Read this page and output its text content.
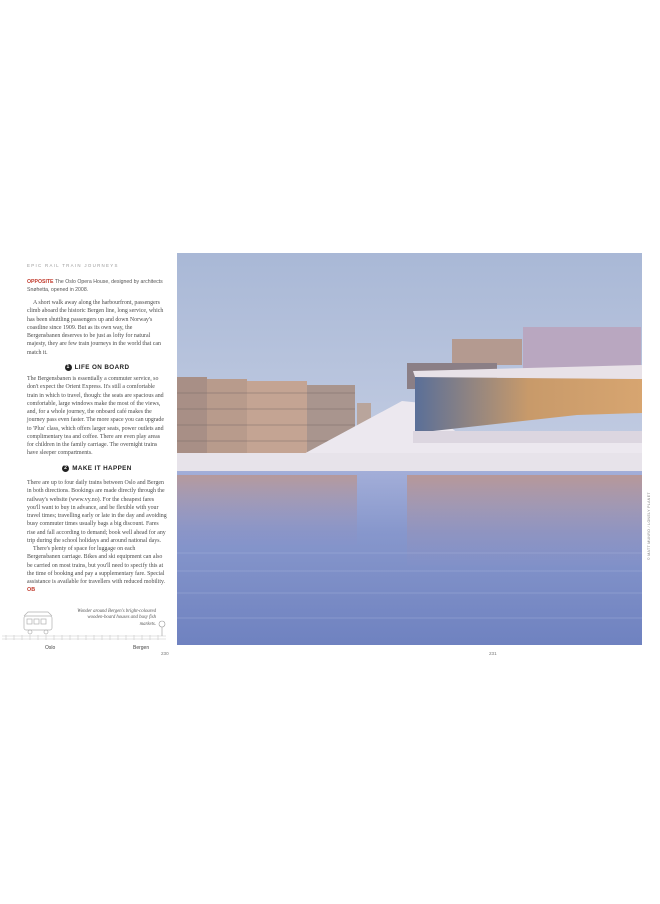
EPIC RAIL TRAIN JOURNEYS
OPPOSITE The Oslo Opera House, designed by architects Snøhetta, opened in 2008.

A short walk away along the harbourfront, passengers climb aboard the historic Bergen line, long service, which has been shuttling passengers up and down Norway's coastline since 1909. But as its own way, the Bergensbanen deserves to be just as lofty for natural majesty, they are few train journeys in the world that can match it.

1 LIFE ON BOARD

The Bergensbanen is essentially a commuter service, so don't expect the Orient Express. It's still a comfortable train in which to travel, though: the seats are spacious and comfortable, large windows make the most of the views, and, for a whole journey, the onboard café makes the journey pass even faster. The more space you can upgrade to 'Plus' class, which offers larger seats, power outlets and complimentary tea and coffee. There are even play areas for children in the family carriage. The overnight trains have sleeper compartments.

2 MAKE IT HAPPEN

There are up to four daily trains between Oslo and Bergen in both directions. Bookings are made directly through the railway's website (www.vy.no). For the cheapest fares you'll want to buy in advance, and be flexible with your travel times; travelling early or late in the day and avoiding busy commuter times usually bags a big discount. Fares rise and fall according to demand; book well ahead for any trip during the school holidays and around national days.

There's plenty of space for luggage on each Bergensbanen carriage. Bikes and ski equipment can also be carried on most trains, but you'll need to specify this at the time of booking and pay a supplementary fare. Special assistance is available for travellers with reduced mobility. OB

Wonder around Bergen's bright-coloured wooden-board houses and busy fish markets.
Oslo	Bergen
230	231
© MATT MUNRO / LONELY PLANET
